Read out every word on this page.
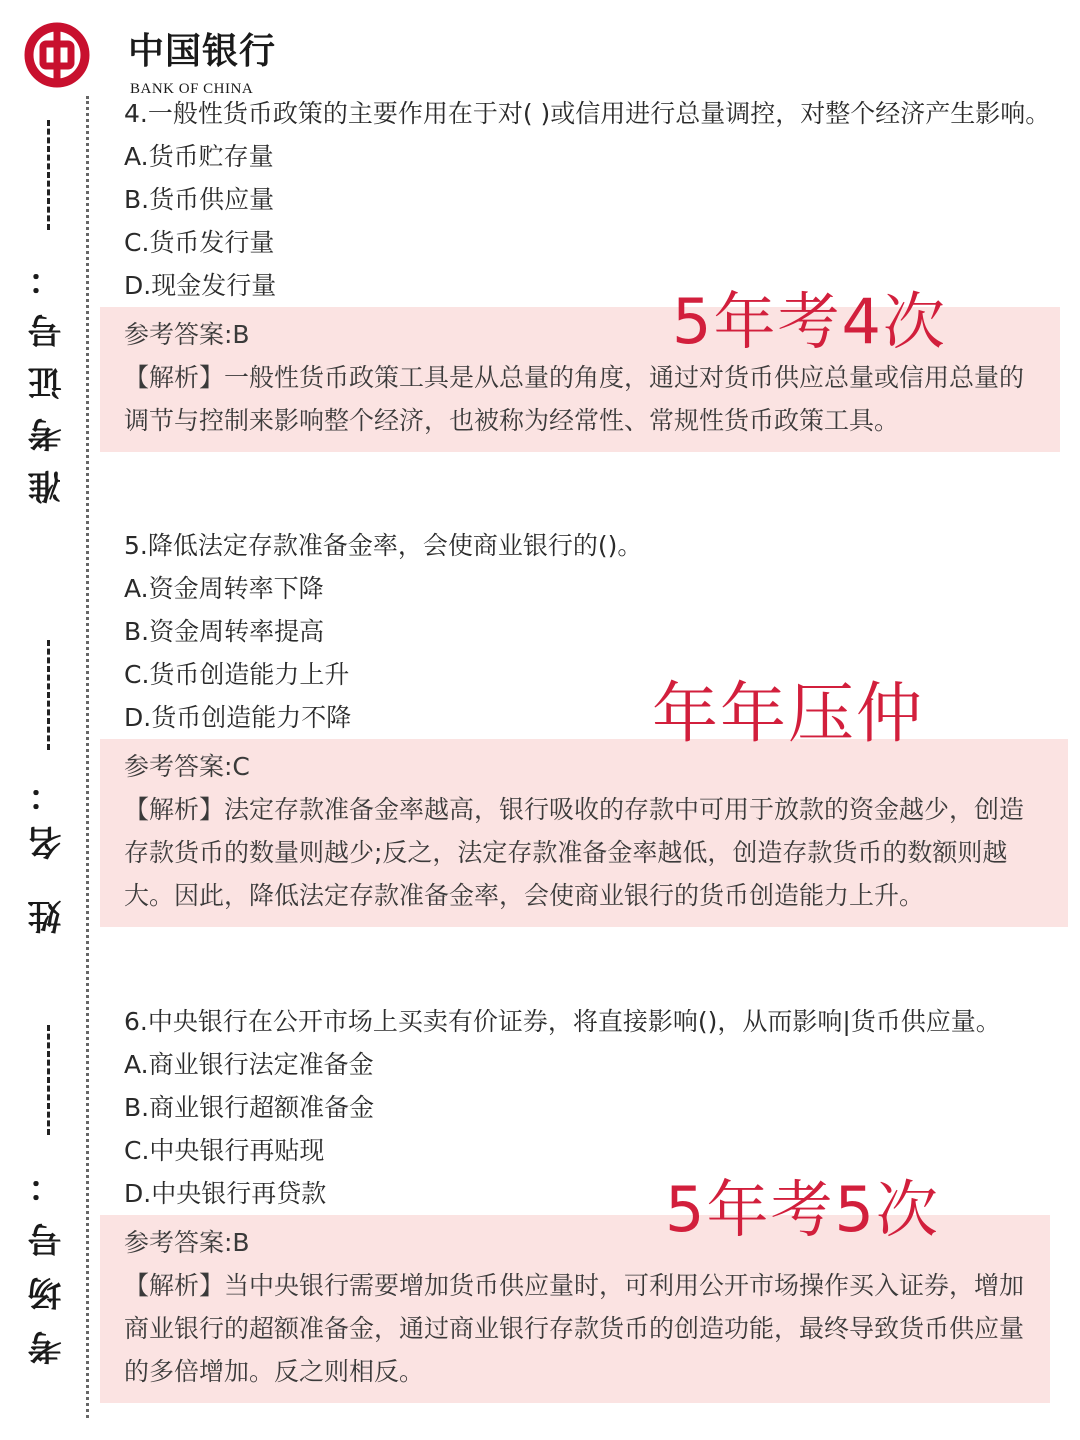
中国银行
BANK OF CHINA
准考证号：
姓 名：
考场号：

4.一般性货币政策的主要作用在于对( )或信用进行总量调控，对整个经济产生影响。

A.货币贮存量

B.货币供应量

C.货币发行量

D.现金发行量

参考答案:B
【解析】一般性货币政策工具是从总量的角度，通过对货币供应总量或信用总量的调节与控制来影响整个经济，也被称为经常性、常规性货币政策工具。

5.降低法定存款准备金率，会使商业银行的()。

A.资金周转率下降

B.资金周转率提高

C.货币创造能力上升

D.货币创造能力不降

参考答案:C
【解析】法定存款准备金率越高，银行吸收的存款中可用于放款的资金越少，创造存款货币的数量则越少;反之，法定存款准备金率越低，创造存款货币的数额则越大。因此，降低法定存款准备金率，会使商业银行的货币创造能力上升。

6.中央银行在公开市场上买卖有价证券，将直接影响()，从而影响|货币供应量。

A.商业银行法定准备金

B.商业银行超额准备金

C.中央银行再贴现

D.中央银行再贷款

参考答案:B
【解析】当中央银行需要增加货币供应量时，可利用公开市场操作买入证券，增加商业银行的超额准备金，通过商业银行存款货币的创造功能，最终导致货币供应量的多倍增加。反之则相反。
5年考4次
年年压仲
5年考5次
